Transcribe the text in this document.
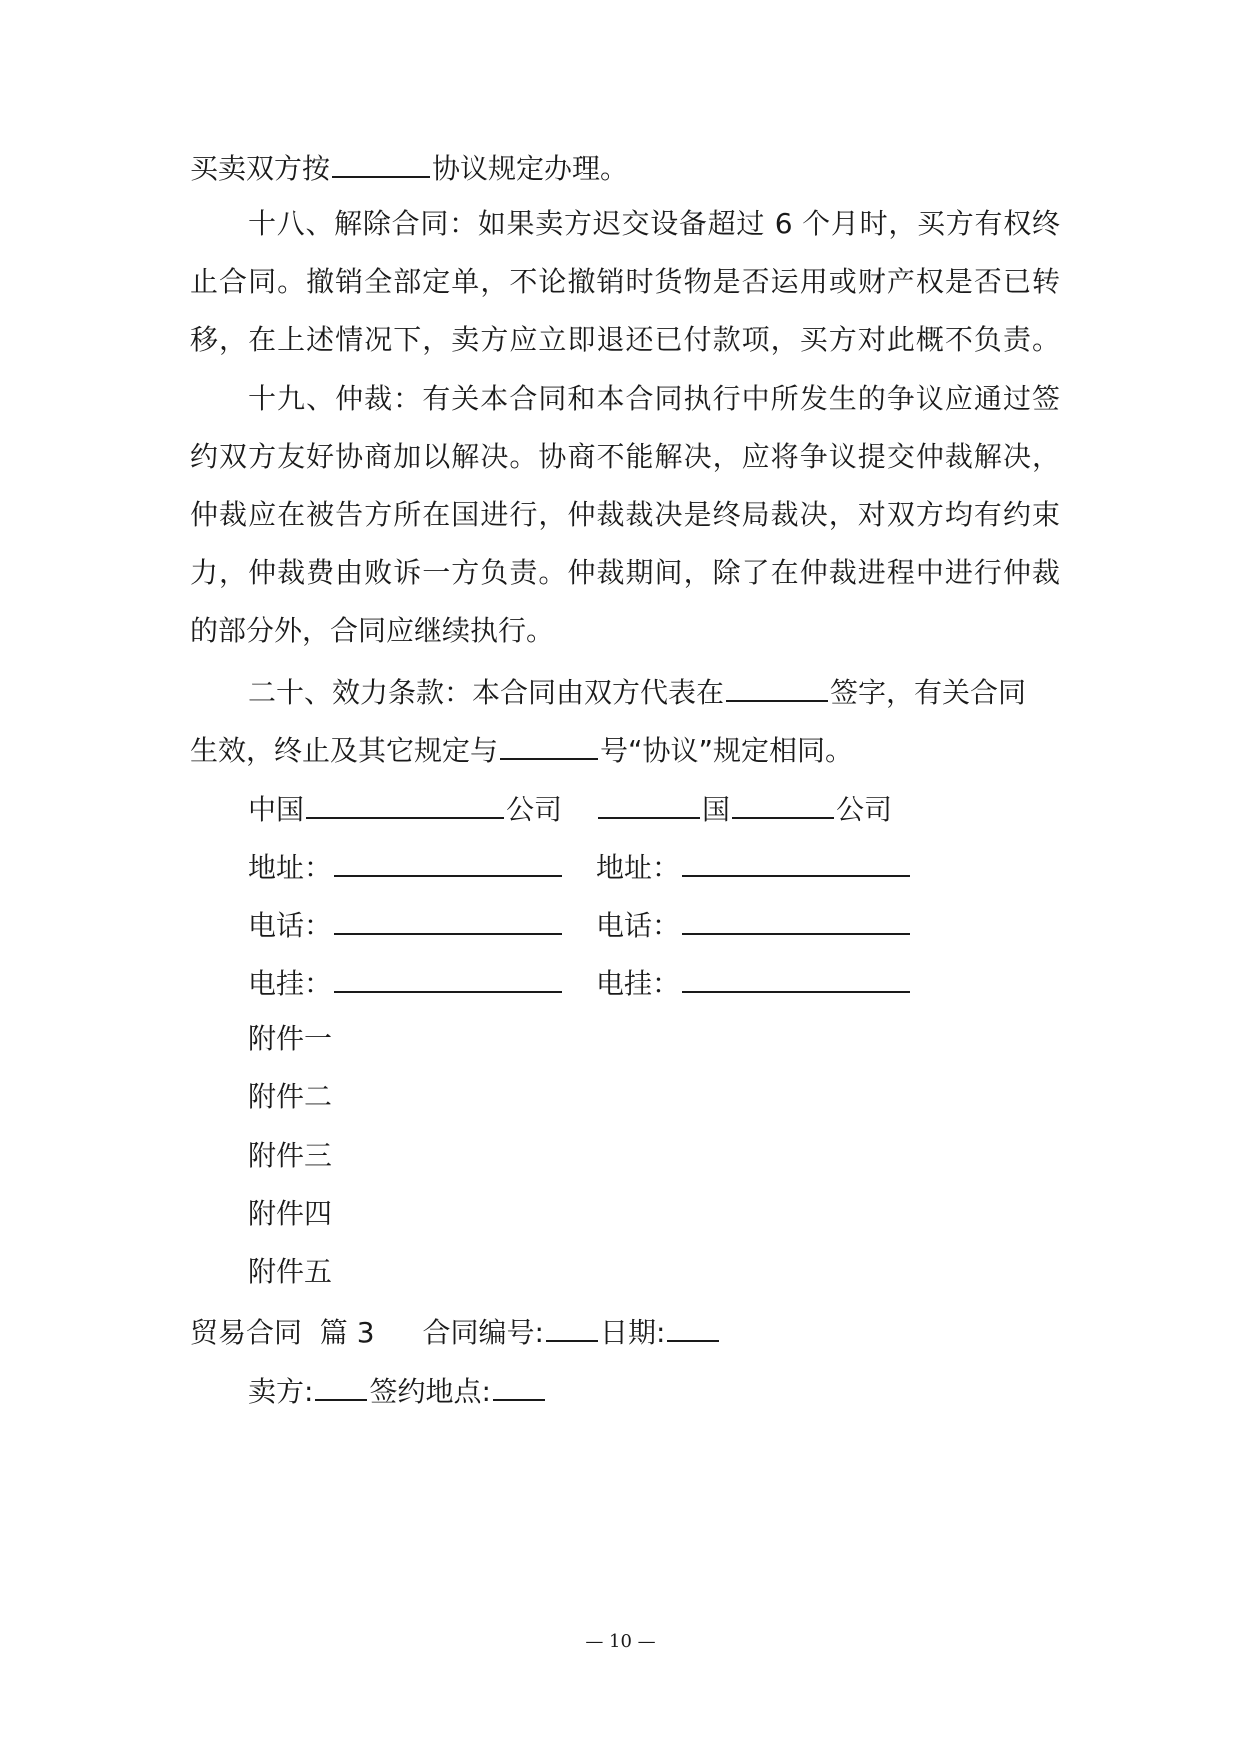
买卖双方按	协议规定办理。
十八、解除合同：如果卖方迟交设备超过 6 个月时，买方有权终
止合同。撤销全部定单，不论撤销时货物是否运用或财产权是否已转
移，在上述情况下，卖方应立即退还已付款项，买方对此概不负责。
十九、仲裁：有关本合同和本合同执行中所发生的争议应通过签
约双方友好协商加以解决。协商不能解决，应将争议提交仲裁解决，
仲裁应在被告方所在国进行，仲裁裁决是终局裁决，对双方均有约束
力，仲裁费由败诉一方负责。仲裁期间，除了在仲裁进程中进行仲裁
的部分外，合同应继续执行。
二十、效力条款：本合同由双方代表在	签字，有关合同
生效，终止及其它规定与	号“协议”规定相同。
中国	公司	国	公司
地址：	地址：
电话：	电话：
电挂：	电挂：
附件一
附件二
附件三
附件四
附件五
贸易合同  篇 3 合同编号: 日期:
卖方: 签约地点:
— 10 —
